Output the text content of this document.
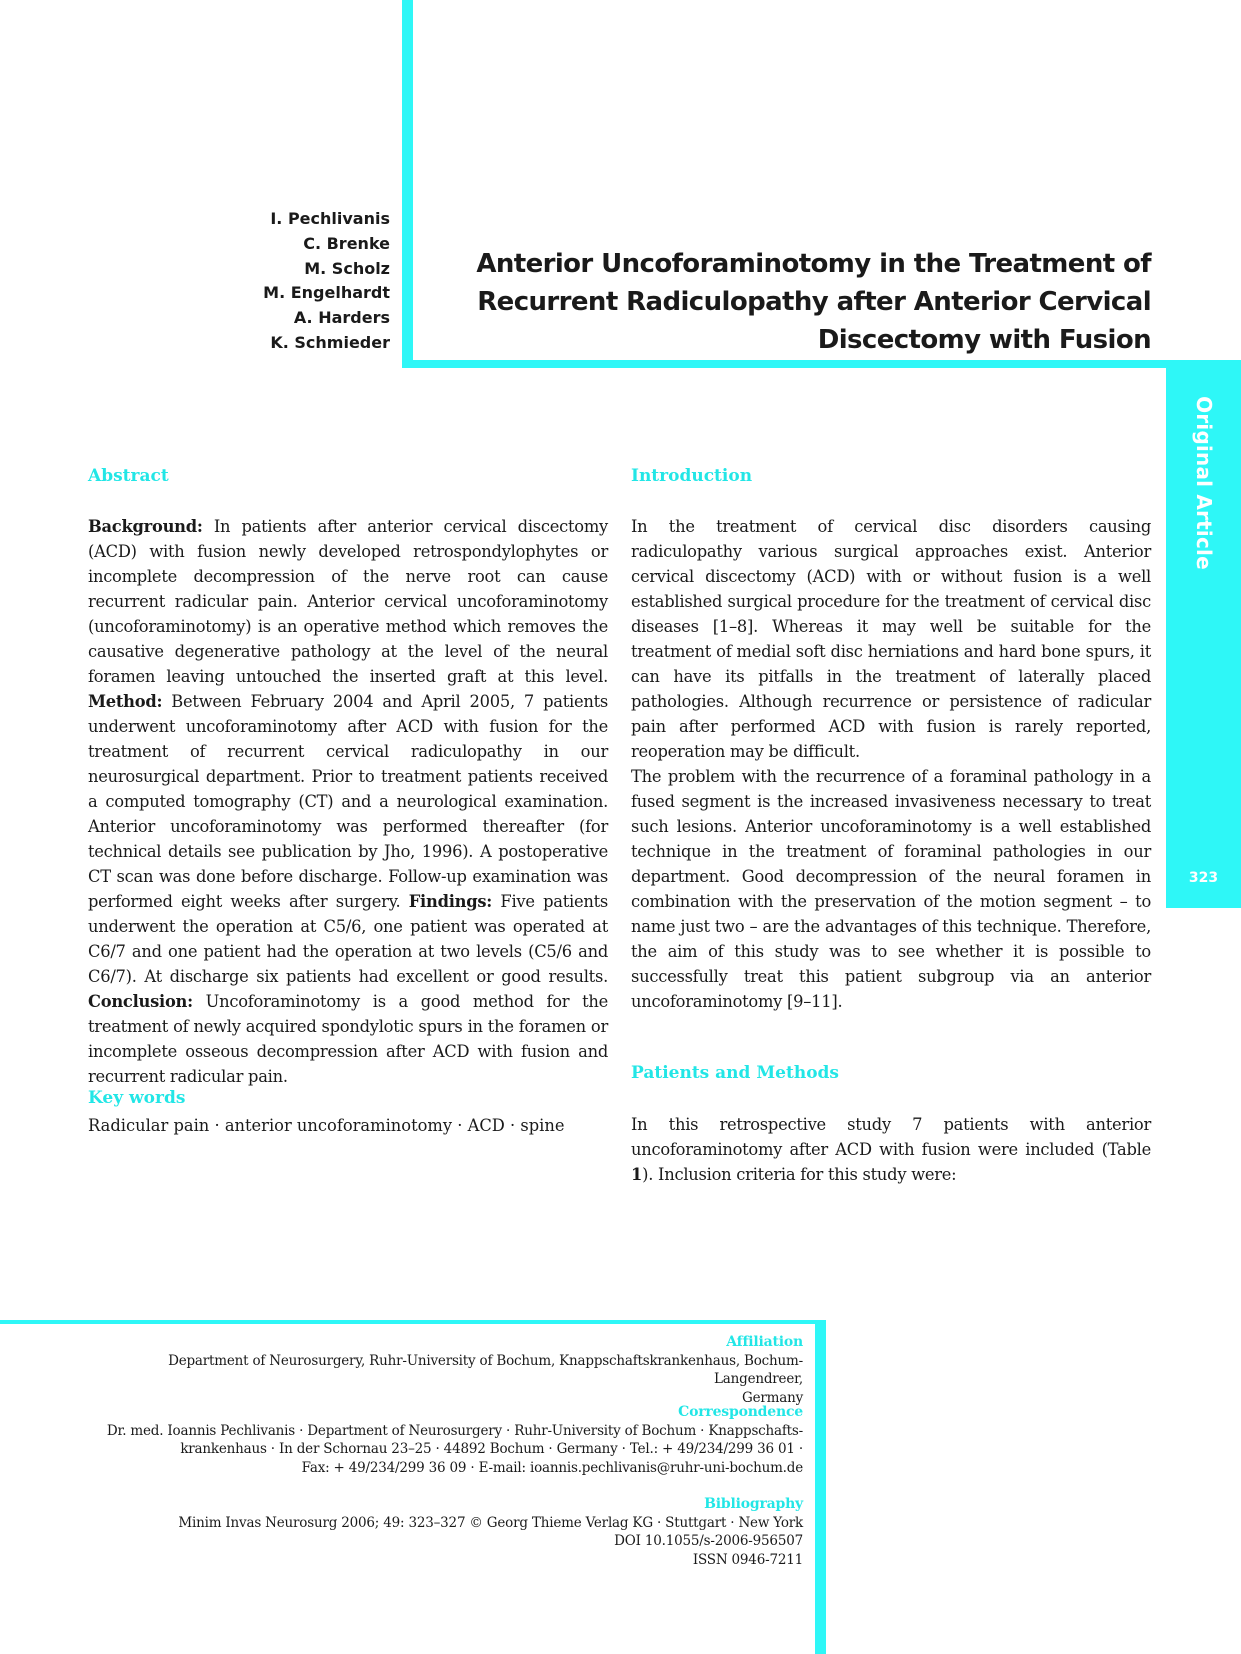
Original Article
323
I. Pechlivanis
C. Brenke
M. Scholz
M. Engelhardt
A. Harders
K. Schmieder
Anterior Uncoforaminotomy in the Treatment of
Recurrent Radiculopathy after Anterior Cervical
Discectomy with Fusion
Abstract

Background: In patients after anterior cervical discectomy (ACD) with fusion newly developed retrospondylophytes or incomplete decompression of the nerve root can cause recurrent radicular pain. Anterior cervical uncoforaminotomy (uncoforaminotomy) is an operative method which removes the causative degenerative pathology at the level of the neural foramen leaving untouched the inserted graft at this level. Method: Between February 2004 and April 2005, 7 patients underwent uncoforaminotomy after ACD with fusion for the treatment of recurrent cervical radiculopathy in our neurosurgical department. Prior to treatment patients received a computed tomography (CT) and a neurological examination. Anterior uncoforaminotomy was performed thereafter (for technical details see publication by Jho, 1996). A postoperative CT scan was done before discharge. Follow-up examination was performed eight weeks after surgery. Findings: Five patients underwent the operation at C5/6, one patient was operated at C6/7 and one patient had the operation at two levels (C5/6 and C6/7). At discharge six patients had excellent or good results. Conclusion: Uncoforaminotomy is a good method for the treatment of newly acquired spondylotic spurs in the foramen or incomplete osseous decompression after ACD with fusion and recurrent radicular pain.

Key words
Radicular pain · anterior uncoforaminotomy · ACD · spine
Introduction

In the treatment of cervical disc disorders causing radiculopathy various surgical approaches exist. Anterior cervical discectomy (ACD) with or without fusion is a well established surgical procedure for the treatment of cervical disc diseases [1–8]. Whereas it may well be suitable for the treatment of medial soft disc herniations and hard bone spurs, it can have its pitfalls in the treatment of laterally placed pathologies. Although recurrence or persistence of radicular pain after performed ACD with fusion is rarely reported, reoperation may be difficult.

The problem with the recurrence of a foraminal pathology in a fused segment is the increased invasiveness necessary to treat such lesions. Anterior uncoforaminotomy is a well established technique in the treatment of foraminal pathologies in our department. Good decompression of the neural foramen in combination with the preservation of the motion segment – to name just two – are the advantages of this technique. Therefore, the aim of this study was to see whether it is possible to successfully treat this patient subgroup via an anterior uncoforaminotomy [9–11].

Patients and Methods

In this retrospective study 7 patients with anterior uncoforaminotomy after ACD with fusion were included (Table 1). Inclusion criteria for this study were:

Affiliation
Department of Neurosurgery, Ruhr-University of Bochum, Knappschaftskrankenhaus, Bochum-Langendreer,
Germany
Correspondence
Dr. med. Ioannis Pechlivanis · Department of Neurosurgery · Ruhr-University of Bochum · Knappschafts-
krankenhaus · In der Schornau 23–25 · 44892 Bochum · Germany · Tel.: + 49/234/299 36 01 ·
Fax: + 49/234/299 36 09 · E-mail: ioannis.pechlivanis@ruhr-uni-bochum.de
Bibliography
Minim Invas Neurosurg 2006; 49: 323–327 © Georg Thieme Verlag KG · Stuttgart · New York
DOI 10.1055/s-2006-956507
ISSN 0946-7211
